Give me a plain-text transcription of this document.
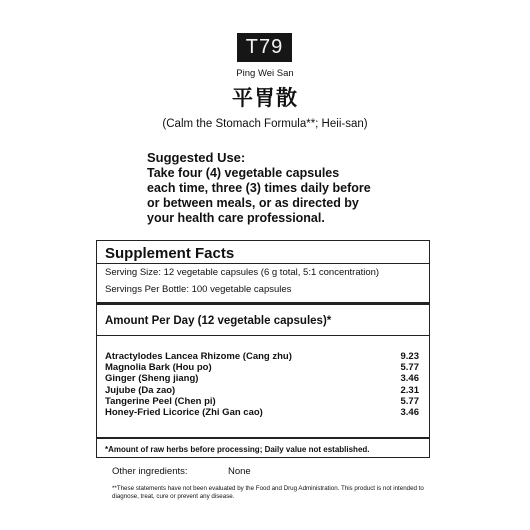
T79
Ping Wei San
平胃散
(Calm the Stomach Formula**; Heii-san)
Suggested Use:
Take four (4) vegetable capsules
each time, three (3) times daily before
or between meals, or as directed by
your health care professional.
Supplement Facts
Serving Size: 12 vegetable capsules (6 g total, 5:1 concentration)
Servings Per Bottle: 100 vegetable capsules
Amount Per Day (12 vegetable capsules)*
Atractylodes Lancea Rhizome (Cang zhu)	9.23
Magnolia Bark (Hou po)	5.77
Ginger (Sheng jiang)	3.46
Jujube (Da zao)	2.31
Tangerine Peel (Chen pi)	5.77
Honey-Fried Licorice (Zhi Gan cao)	3.46
*Amount of raw herbs before processing; Daily value not established.
Other ingredients:	None
**These statements have not been evaluated by the Food and Drug Administration. This product is not intended to diagnose, treat, cure or prevent any disease.
